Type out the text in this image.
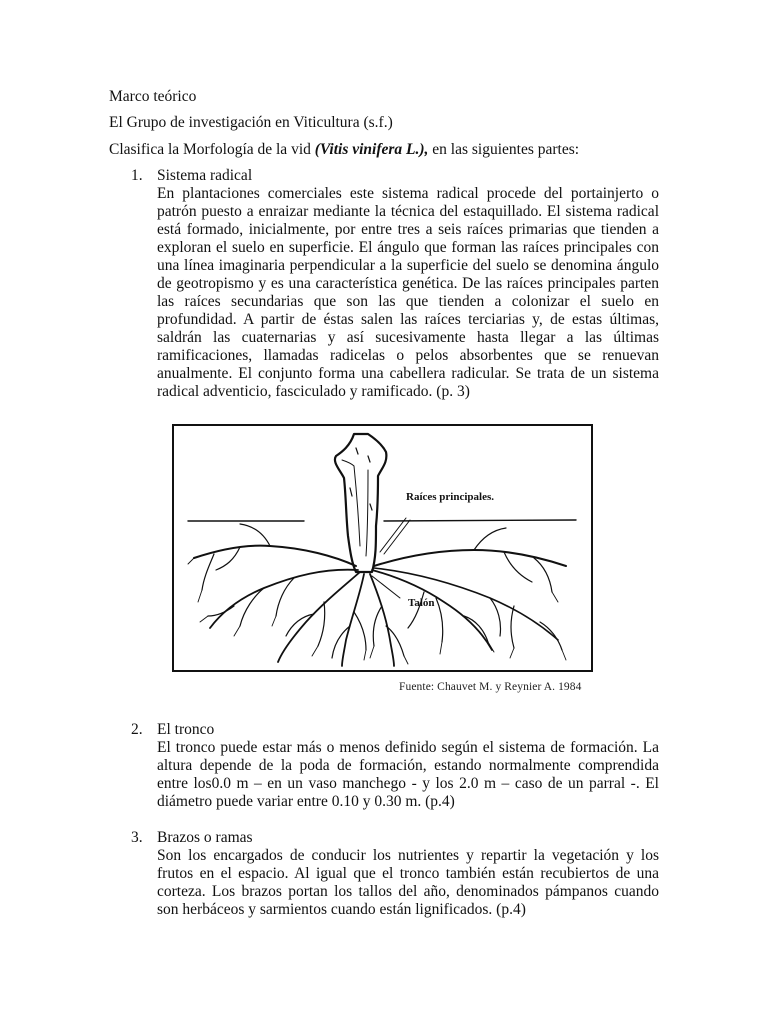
Marco teórico
El Grupo de investigación en Viticultura (s.f.)
Clasifica la Morfología de la vid (Vitis vinifera L.), en las siguientes partes:
1. Sistema radical
En plantaciones comerciales este sistema radical procede del portainjerto o patrón puesto a enraizar mediante la técnica del estaquillado. El sistema radical está formado, inicialmente, por entre tres a seis raíces primarias que tienden a exploran el suelo en superficie. El ángulo que forman las raíces principales con una línea imaginaria perpendicular a la superficie del suelo se denomina ángulo de geotropismo y es una característica genética. De las raíces principales parten las raíces secundarias que son las que tienden a colonizar el suelo en profundidad. A partir de éstas salen las raíces terciarias y, de estas últimas, saldrán las cuaternarias y así sucesivamente hasta llegar a las últimas ramificaciones, llamadas radicelas o pelos absorbentes que se renuevan anualmente. El conjunto forma una cabellera radicular. Se trata de un sistema radical adventicio, fasciculado y ramificado. (p. 3)
Raíces principales.
Talón
Fuente: Chauvet M. y Reynier A. 1984
2. El tronco
El tronco puede estar más o menos definido según el sistema de formación. La altura depende de la poda de formación, estando normalmente comprendida entre los0.0 m – en un vaso manchego - y los 2.0 m – caso de un parral -. El diámetro puede variar entre 0.10 y 0.30 m. (p.4)
3. Brazos o ramas
Son los encargados de conducir los nutrientes y repartir la vegetación y los frutos en el espacio. Al igual que el tronco también están recubiertos de una corteza. Los brazos portan los tallos del año, denominados pámpanos cuando son herbáceos y sarmientos cuando están lignificados. (p.4)
